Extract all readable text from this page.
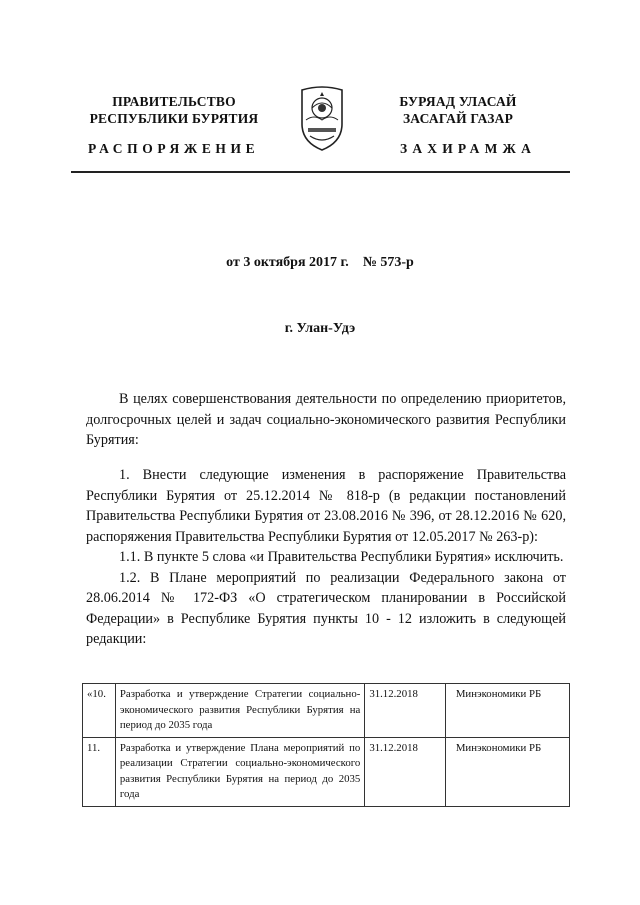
ПРАВИТЕЛЬСТВО
РЕСПУБЛИКИ БУРЯТИЯ
РАСПОРЯЖЕНИЕ
БУРЯАД УЛАСАЙ
ЗАСАГАЙ ГАЗАР
ЗАХИРАМЖА
от 3 октября 2017 г. № 573-р
г. Улан-Удэ

В целях совершенствования деятельности по определению приоритетов, долгосрочных целей и задач социально-экономического развития Республики Бурятия:

1. Внести следующие изменения в распоряжение Правительства Республики Бурятия от 25.12.2014 № 818-р (в редакции постановлений Правительства Республики Бурятия от 23.08.2016 № 396, от 28.12.2016 № 620, распоряжения Правительства Республики Бурятия от 12.05.2017 № 263-р):

1.1. В пункте 5 слова «и Правительства Республики Бурятия» исключить.

1.2. В Плане мероприятий по реализации Федерального закона от 28.06.2014 № 172-ФЗ «О стратегическом планировании в Российской Федерации» в Республике Бурятия пункты 10 - 12 изложить в следующей редакции:

«10.	Разработка и утверждение Стратегии социально-экономического развития Республики Бурятия на период до 2035 года	31.12.2018	Минэкономики РБ
11.	Разработка и утверждение Плана мероприятий по реализации Стратегии социально-экономического развития Республики Бурятия на период до 2035 года	31.12.2018	Минэкономики РБ
